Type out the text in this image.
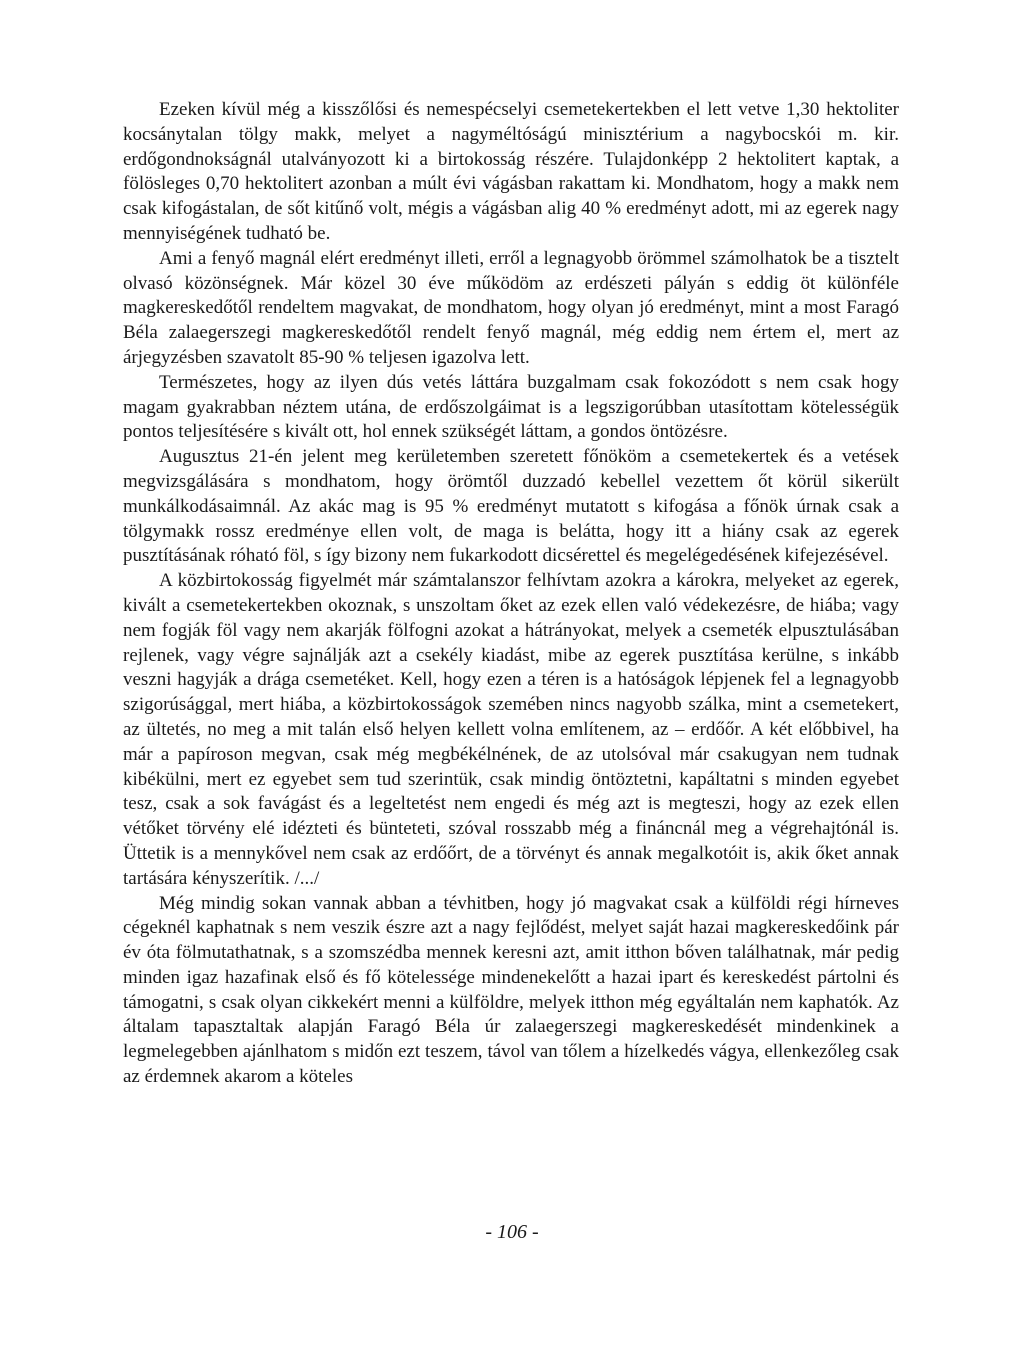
Ezeken kívül még a kisszőlősi és nemespécselyi csemetekertekben el lett vetve 1,30 hektoliter kocsánytalan tölgy makk, melyet a nagyméltóságú minisztérium a nagybocskói m. kir. erdőgondnokságnál utalványozott ki a birtokosság részére. Tulajdonképp 2 hektolitert kaptak, a fölösleges 0,70 hektolitert azonban a múlt évi vágásban rakattam ki. Mondhatom, hogy a makk nem csak kifogástalan, de sőt kitűnő volt, mégis a vágásban alig 40 % eredményt adott, mi az egerek nagy mennyiségének tudható be.

Ami a fenyő magnál elért eredményt illeti, erről a legnagyobb örömmel számolhatok be a tisztelt olvasó közönségnek. Már közel 30 éve működöm az erdészeti pályán s eddig öt különféle magkereskedőtől rendeltem magvakat, de mondhatom, hogy olyan jó eredményt, mint a most Faragó Béla zalaegerszegi magkereskedőtől rendelt fenyő magnál, még eddig nem értem el, mert az árjegyzésben szavatolt 85-90 % teljesen igazolva lett.

Természetes, hogy az ilyen dús vetés láttára buzgalmam csak fokozódott s nem csak hogy magam gyakrabban néztem utána, de erdőszolgáimat is a legszigorúbban utasítottam kötelességük pontos teljesítésére s kivált ott, hol ennek szükségét láttam, a gondos öntözésre.

Augusztus 21-én jelent meg kerületemben szeretett főnököm a csemetekertek és a vetések megvizsgálására s mondhatom, hogy örömtől duzzadó kebellel vezettem őt körül sikerült munkálkodásaimnál. Az akác mag is 95 % eredményt mutatott s kifogása a főnök úrnak csak a tölgymakk rossz eredménye ellen volt, de maga is belátta, hogy itt a hiány csak az egerek pusztításának róható föl, s így bizony nem fukarkodott dicsérettel és megelégedésének kifejezésével.

A közbirtokosság figyelmét már számtalanszor felhívtam azokra a károkra, melyeket az egerek, kivált a csemetekertekben okoznak, s unszoltam őket az ezek ellen való védekezésre, de hiába; vagy nem fogják föl vagy nem akarják fölfogni azokat a hátrányokat, melyek a csemeték elpusztulásában rejlenek, vagy végre sajnálják azt a csekély kiadást, mibe az egerek pusztítása kerülne, s inkább veszni hagyják a drága csemetéket. Kell, hogy ezen a téren is a hatóságok lépjenek fel a legnagyobb szigorúsággal, mert hiába, a közbirtokosságok szemében nincs nagyobb szálka, mint a csemetekert, az ültetés, no meg a mit talán első helyen kellett volna említenem, az – erdőőr. A két előbbivel, ha már a papíroson megvan, csak még megbékélnének, de az utolsóval már csakugyan nem tudnak kibékülni, mert ez egyebet sem tud szerintük, csak mindig öntöztetni, kapáltatni s minden egyebet tesz, csak a sok favágást és a legeltetést nem engedi és még azt is megteszi, hogy az ezek ellen vétőket törvény elé idézteti és bünteteti, szóval rosszabb még a fináncnál meg a végrehajtónál is. Üttetik is a mennykővel nem csak az erdőőrt, de a törvényt és annak megalkotóit is, akik őket annak tartására kényszerítik. /.../

Még mindig sokan vannak abban a tévhitben, hogy jó magvakat csak a külföldi régi hírneves cégeknél kaphatnak s nem veszik észre azt a nagy fejlődést, melyet saját hazai magkereskedőink pár év óta fölmutathatnak, s a szomszédba mennek keresni azt, amit itthon bőven találhatnak, már pedig minden igaz hazafinak első és fő kötelessége mindenekelőtt a hazai ipart és kereskedést pártolni és támogatni, s csak olyan cikkekért menni a külföldre, melyek itthon még egyáltalán nem kaphatók. Az általam tapasztaltak alapján Faragó Béla úr zalaegerszegi magkereskedését mindenkinek a legmelegebben ajánlhatom s midőn ezt teszem, távol van tőlem a hízelkedés vágya, ellenkezőleg csak az érdemnek akarom a köteles

- 106 -
